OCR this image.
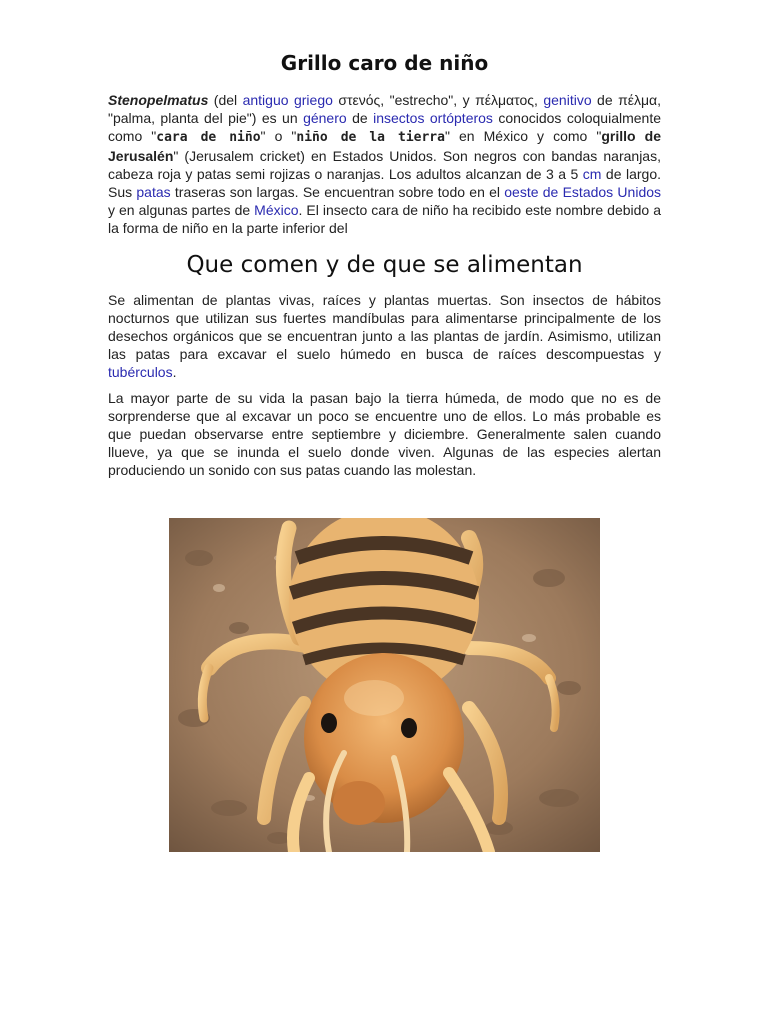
Grillo caro de niño

Stenopelmatus (del antiguo griego στενός, "estrecho", y πέλματος, genitivo de πέλμα, "palma, planta del pie") es un género de insectos ortópteros conocidos coloquialmente como "cara de niño" o "niño de la tierra" en México y como "grillo de Jerusalén" (Jerusalem cricket) en Estados Unidos. Son negros con bandas naranjas, cabeza roja y patas semi rojizas o naranjas. Los adultos alcanzan de 3 a 5 cm de largo. Sus patas traseras son largas. Se encuentran sobre todo en el oeste de Estados Unidos y en algunas partes de México. El insecto cara de niño ha recibido este nombre debido a la forma de niño en la parte inferior del

Que comen y de que se alimentan

Se alimentan de plantas vivas, raíces y plantas muertas. Son insectos de hábitos nocturnos que utilizan sus fuertes mandíbulas para alimentarse principalmente de los desechos orgánicos que se encuentran junto a las plantas de jardín. Asimismo, utilizan las patas para excavar el suelo húmedo en busca de raíces descompuestas y tubérculos.

La mayor parte de su vida la pasan bajo la tierra húmeda, de modo que no es de sorprenderse que al excavar un poco se encuentre uno de ellos. Lo más probable es que puedan observarse entre septiembre y diciembre. Generalmente salen cuando llueve, ya que se inunda el suelo donde viven. Algunas de las especies alertan produciendo un sonido con sus patas cuando las molestan.
